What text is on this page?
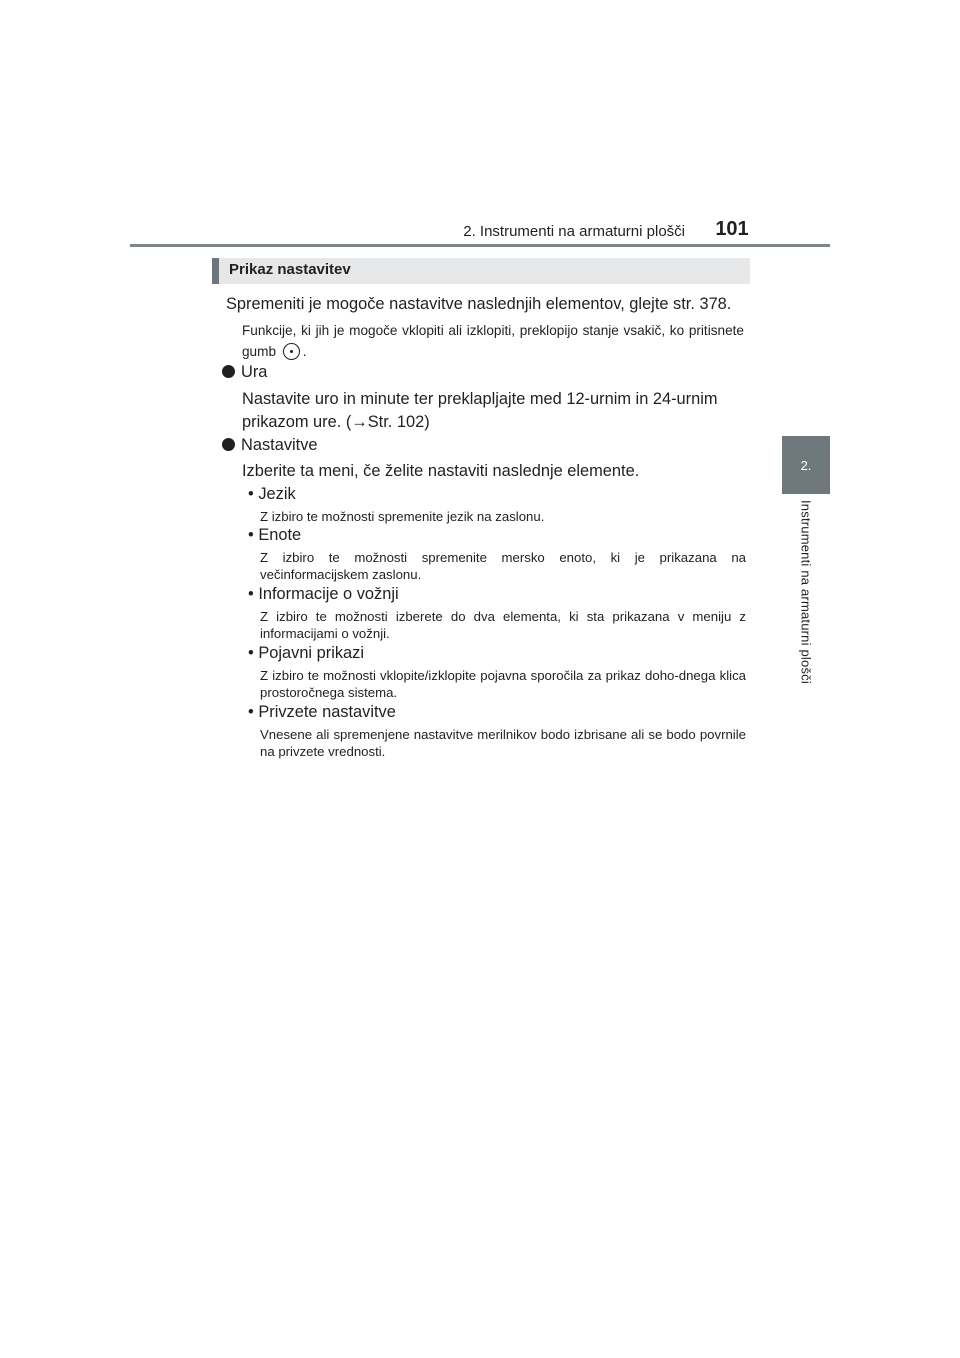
2. Instrumenti na armaturni plošči	101
2.
Instrumenti na armaturni plošči
Prikaz nastavitev
Spremeniti je mogoče nastavitve naslednjih elementov, glejte str. 378.
Funkcije, ki jih je mogoče vklopiti ali izklopiti, preklopijo stanje vsakič, ko pritisnete gumb .
Ura
Nastavite uro in minute ter preklapljajte med 12-urnim in 24-urnim
prikazom ure. (→Str. 102)
Nastavitve
Izberite ta meni, če želite nastaviti naslednje elemente.
• Jezik
Z izbiro te možnosti spremenite jezik na zaslonu.
• Enote
Z izbiro te možnosti spremenite mersko enoto, ki je prikazana na večinformacijskem zaslonu.
• Informacije o vožnji
Z izbiro te možnosti izberete do dva elementa, ki sta prikazana v meniju z informacijami o vožnji.
• Pojavni prikazi
Z izbiro te možnosti vklopite/izklopite pojavna sporočila za prikaz doho-dnega klica prostoročnega sistema.
• Privzete nastavitve
Vnesene ali spremenjene nastavitve merilnikov bodo izbrisane ali se bodo povrnile na privzete vrednosti.
